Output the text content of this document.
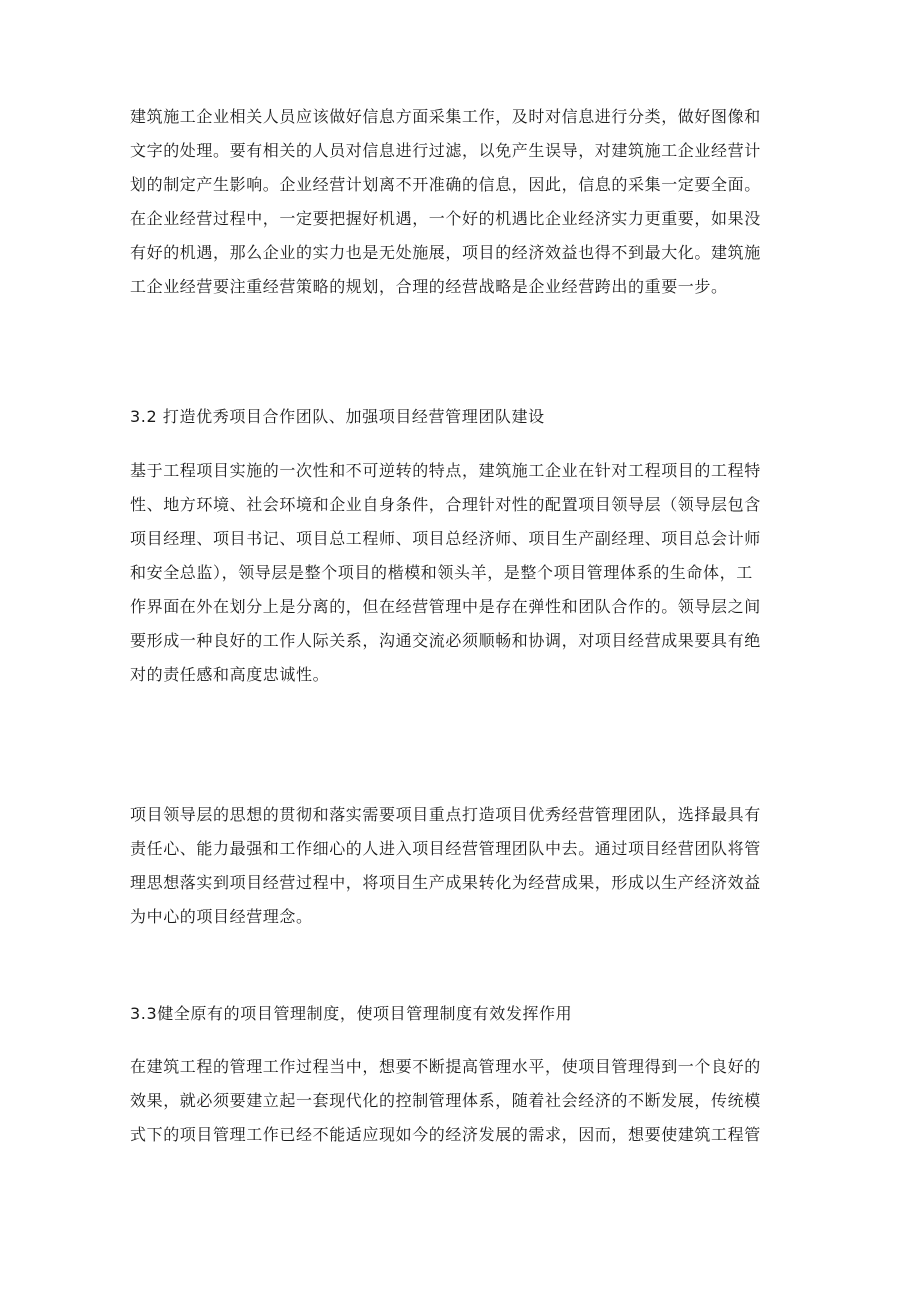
建筑施工企业相关人员应该做好信息方面采集工作，及时对信息进行分类，做好图像和
文字的处理。要有相关的人员对信息进行过滤，以免产生误导，对建筑施工企业经营计
划的制定产生影响。企业经营计划离不开准确的信息，因此，信息的采集一定要全面。
在企业经营过程中，一定要把握好机遇，一个好的机遇比企业经济实力更重要，如果没
有好的机遇，那么企业的实力也是无处施展，项目的经济效益也得不到最大化。建筑施
工企业经营要注重经营策略的规划，合理的经营战略是企业经营跨出的重要一步。
3.2 打造优秀项目合作团队、加强项目经营管理团队建设
基于工程项目实施的一次性和不可逆转的特点，建筑施工企业在针对工程项目的工程特
性、地方环境、社会环境和企业自身条件，合理针对性的配置项目领导层（领导层包含
项目经理、项目书记、项目总工程师、项目总经济师、项目生产副经理、项目总会计师
和安全总监），领导层是整个项目的楷模和领头羊，是整个项目管理体系的生命体，工
作界面在外在划分上是分离的，但在经营管理中是存在弹性和团队合作的。领导层之间
要形成一种良好的工作人际关系，沟通交流必须顺畅和协调，对项目经营成果要具有绝
对的责任感和高度忠诚性。
项目领导层的思想的贯彻和落实需要项目重点打造项目优秀经营管理团队，选择最具有
责任心、能力最强和工作细心的人进入项目经营管理团队中去。通过项目经营团队将管
理思想落实到项目经营过程中，将项目生产成果转化为经营成果，形成以生产经济效益
为中心的项目经营理念。
3.3健全原有的项目管理制度，使项目管理制度有效发挥作用
在建筑工程的管理工作过程当中，想要不断提高管理水平，使项目管理得到一个良好的
效果，就必须要建立起一套现代化的控制管理体系，随着社会经济的不断发展，传统模
式下的项目管理工作已经不能适应现如今的经济发展的需求，因而，想要使建筑工程管
